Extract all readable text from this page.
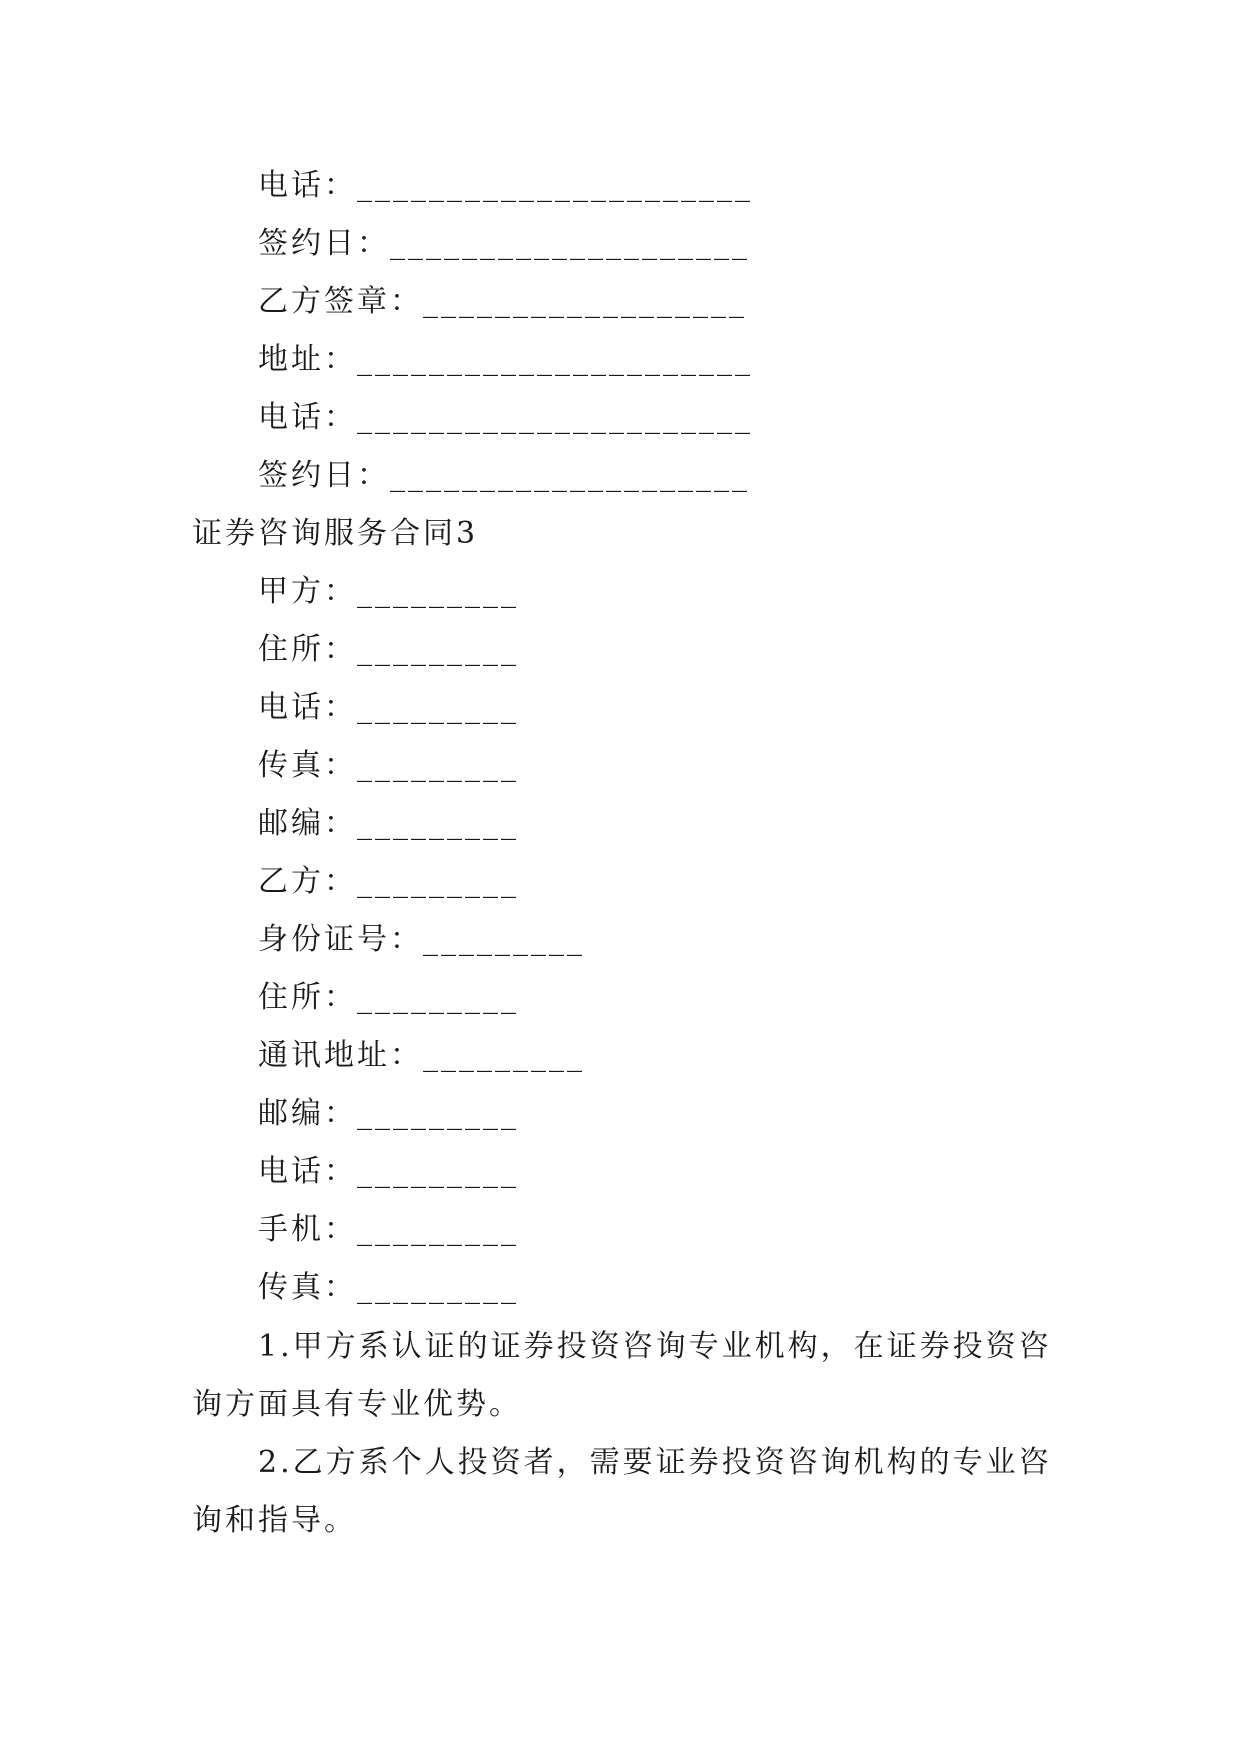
电话：______________________
签约日：____________________
乙方签章：__________________
地址：______________________
电话：______________________
签约日：____________________
证券咨询服务合同3
甲方：_________
住所：_________
电话：_________
传真：_________
邮编：_________
乙方：_________
身份证号：_________
住所：_________
通讯地址：_________
邮编：_________
电话：_________
手机：_________
传真：_________
1.甲方系认证的证券投资咨询专业机构，在证券投资咨询方面具有专业优势。
2.乙方系个人投资者，需要证券投资咨询机构的专业咨询和指导。
